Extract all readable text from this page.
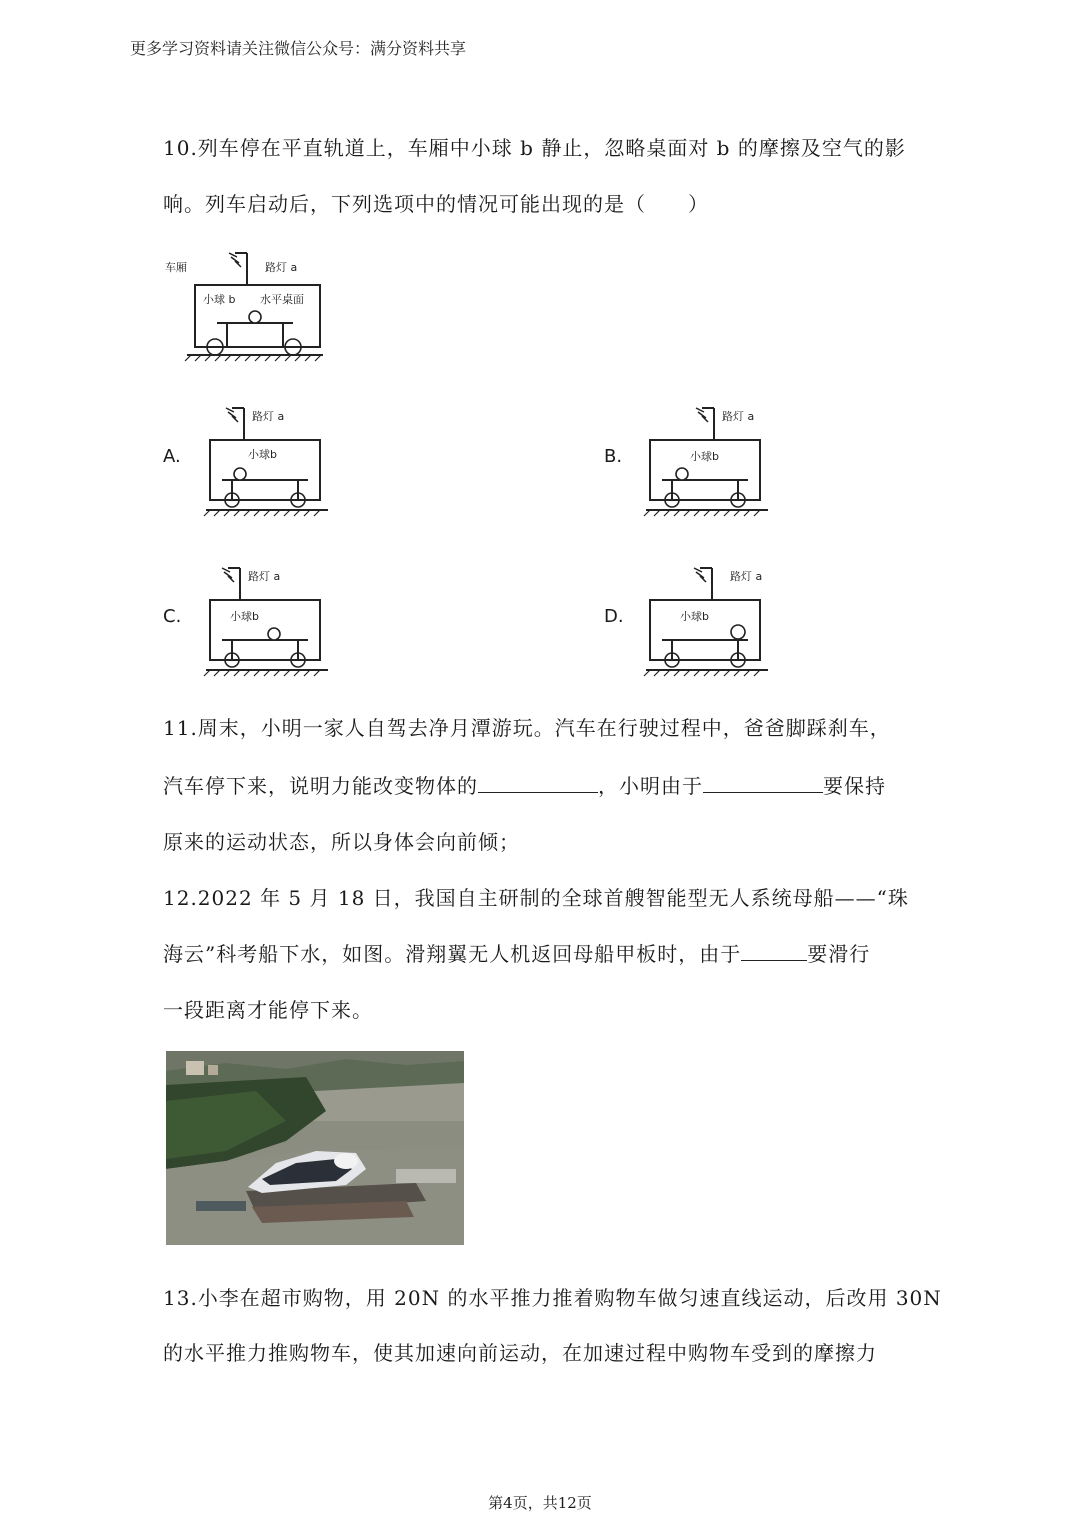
更多学习资料请关注微信公众号：满分资料共享
10.列车停在平直轨道上，车厢中小球 b 静止，忽略桌面对 b 的摩擦及空气的影
响。列车启动后，下列选项中的情况可能出现的是（　　）
车厢	路灯 a
小球 b 水平桌面
A.
路灯 a
小球b	B.
路灯 a
小球b
C.
路灯 a
小球b	D.
路灯 a
小球b
11.周末，小明一家人自驾去净月潭游玩。汽车在行驶过程中，爸爸脚踩刹车，
汽车停下来，说明力能改变物体的	，小明由于	要保持
原来的运动状态，所以身体会向前倾；
12.2022 年 5 月 18 日，我国自主研制的全球首艘智能型无人系统母船——“珠
海云”科考船下水，如图。滑翔翼无人机返回母船甲板时，由于	要滑行
一段距离才能停下来。
13.小李在超市购物，用 20N 的水平推力推着购物车做匀速直线运动，后改用 30N
的水平推力推购物车，使其加速向前运动，在加速过程中购物车受到的摩擦力
第4页，共12页
